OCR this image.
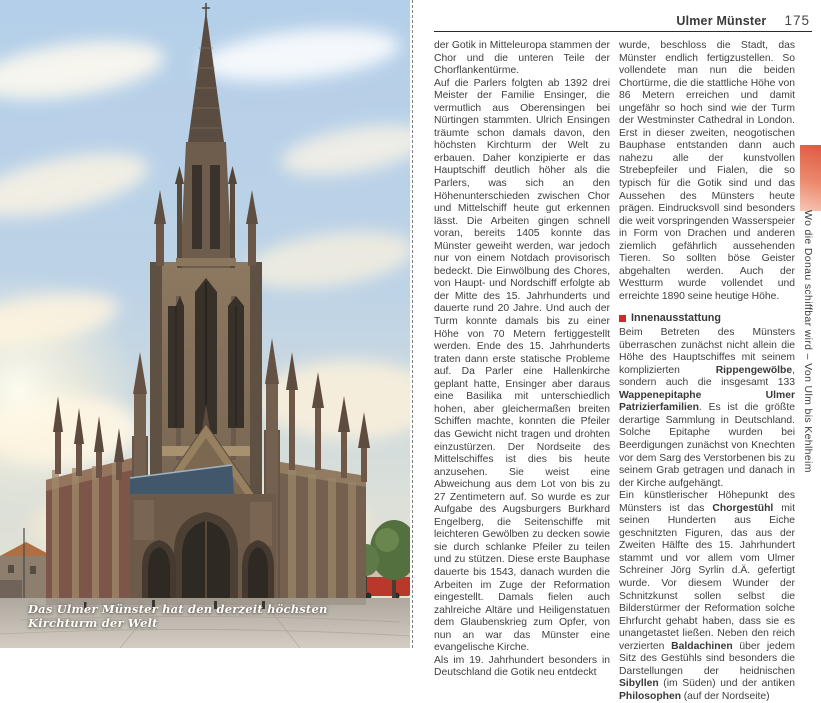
Das Ulmer Münster hat den derzeit höchsten Kirchturm der Welt
Ulmer Münster 175

der Gotik in Mitteleuropa stammen der Chor und die unteren Teile der Chorflankentürme.

Auf die Parlers folgten ab 1392 drei Meister der Familie Ensinger, die vermutlich aus Oberensingen bei Nürtingen stammten. Ulrich Ensingen träumte schon damals davon, den höchsten Kirchturm der Welt zu erbauen. Daher konzipierte er das Hauptschiff deutlich höher als die Parlers, was sich an den Höhenunterschieden zwischen Chor und Mittelschiff heute gut erkennen lässt. Die Arbeiten gingen schnell voran, bereits 1405 konnte das Münster geweiht werden, war jedoch nur von einem Notdach provisorisch bedeckt. Die Einwölbung des Chores, von Haupt- und Nordschiff erfolgte ab der Mitte des 15. Jahrhunderts und dauerte rund 20 Jahre. Und auch der Turm konnte damals bis zu einer Höhe von 70 Metern fertiggestellt werden. Ende des 15. Jahrhunderts traten dann erste statische Probleme auf. Da Parler eine Hallenkirche geplant hatte, Ensinger aber daraus eine Basilika mit unterschiedlich hohen, aber gleichermaßen breiten Schiffen machte, konnten die Pfeiler das Gewicht nicht tragen und drohten einzustürzen. Der Nordseite des Mittelschiffes ist dies bis heute anzusehen. Sie weist eine Abweichung aus dem Lot von bis zu 27 Zentimetern auf. So wurde es zur Aufgabe des Augsburgers Burkhard Engelberg, die Seitenschiffe mit leichteren Gewölben zu decken sowie sie durch schlanke Pfeiler zu teilen und zu stützen. Diese erste Bauphase dauerte bis 1543, danach wurden die Arbeiten im Zuge der Reformation eingestellt. Damals fielen auch zahlreiche Altäre und Heiligenstatuen dem Glaubenskrieg zum Opfer, von nun an war das Münster eine evangelische Kirche.

Als im 19. Jahrhundert besonders in Deutschland die Gotik neu entdeckt

wurde, beschloss die Stadt, das Münster endlich fertigzustellen. So vollendete man nun die beiden Chortürme, die die stattliche Höhe von 86 Metern erreichen und damit ungefähr so hoch sind wie der Turm der Westminster Cathedral in London. Erst in dieser zweiten, neogotischen Bauphase entstanden dann auch nahezu alle der kunstvollen Strebepfeiler und Fialen, die so typisch für die Gotik sind und das Aussehen des Münsters heute prägen. Eindrucksvoll sind besonders die weit vorspringenden Wasserspeier in Form von Drachen und anderen ziemlich gefährlich aussehenden Tieren. So sollten böse Geister abgehalten werden. Auch der Westturm wurde vollendet und erreichte 1890 seine heutige Höhe.

Innenausstattung

Beim Betreten des Münsters überraschen zunächst nicht allein die Höhe des Hauptschiffes mit seinem komplizierten Rippengewölbe, sondern auch die insgesamt 133 Wappenepitaphe Ulmer Patrizierfamilien. Es ist die größte derartige Sammlung in Deutschland. Solche Epitaphe wurden bei Beerdigungen zunächst von Knechten vor dem Sarg des Verstorbenen bis zu seinem Grab getragen und danach in der Kirche aufgehängt.

Ein künstlerischer Höhepunkt des Münsters ist das Chorgestühl mit seinen Hunderten aus Eiche geschnitzten Figuren, das aus der Zweiten Hälfte des 15. Jahrhundert stammt und vor allem vom Ulmer Schreiner Jörg Syrlin d.Ä. gefertigt wurde. Vor diesem Wunder der Schnitzkunst sollen selbst die Bilderstürmer der Reformation solche Ehrfurcht gehabt haben, dass sie es unangetastet ließen. Neben den reich verzierten Baldachinen über jedem Sitz des Gestühls sind besonders die Darstellungen der heidnischen Sibyllen (im Süden) und der antiken Philosophen (auf der Nordseite)

Wo die Donau schiffbar wird – Von Ulm bis Kehlheim
